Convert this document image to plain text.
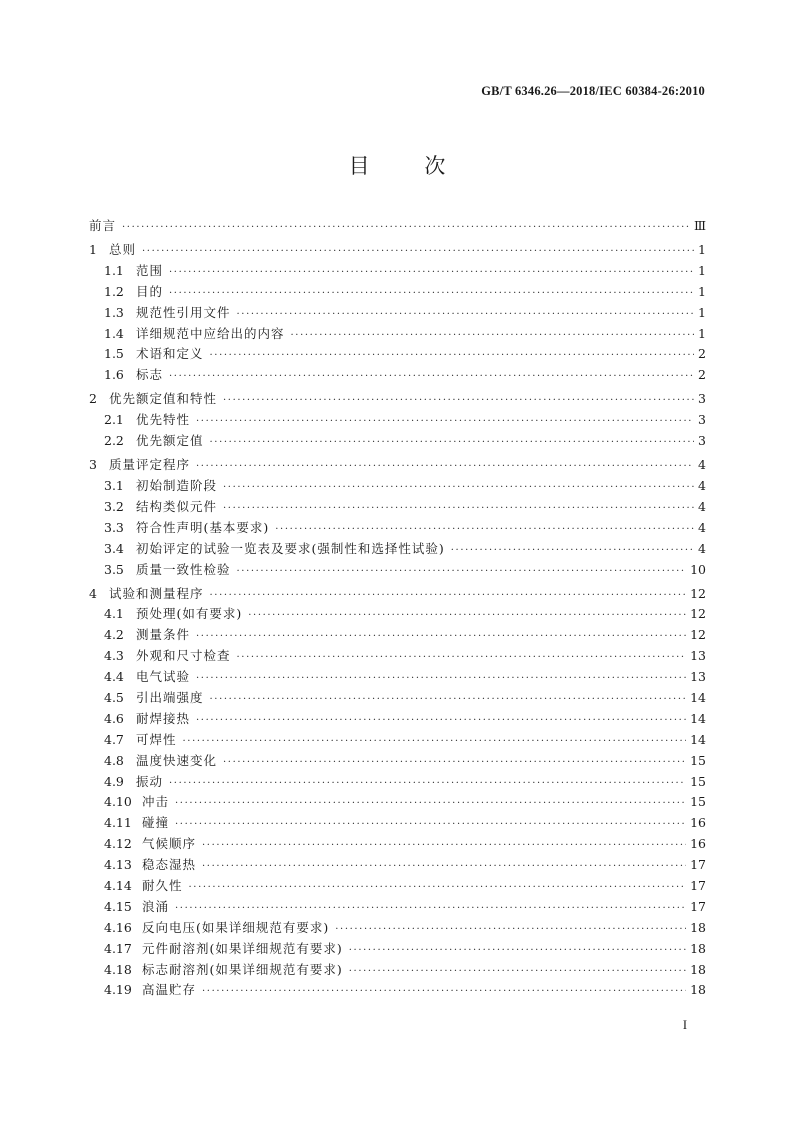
GB/T 6346.26—2018/IEC 60384-26:2010
目 次
前言 ·····	Ⅲ
1 总则 ·····	1
1.1 范围 ·····	1
1.2 目的 ·····	1
1.3 规范性引用文件 ·····	1
1.4 详细规范中应给出的内容 ·····	1
1.5 术语和定义 ·····	2
1.6 标志 ·····	2
2 优先额定值和特性 ·····	3
2.1 优先特性 ·····	3
2.2 优先额定值 ·····	3
3 质量评定程序 ·····	4
3.1 初始制造阶段 ·····	4
3.2 结构类似元件 ·····	4
3.3 符合性声明(基本要求) ·····	4
3.4 初始评定的试验一览表及要求(强制性和选择性试验) ·····	4
3.5 质量一致性检验 ·····	10
4 试验和测量程序 ·····	12
4.1 预处理(如有要求) ·····	12
4.2 测量条件 ·····	12
4.3 外观和尺寸检查 ·····	13
4.4 电气试验 ·····	13
4.5 引出端强度 ·····	14
4.6 耐焊接热 ·····	14
4.7 可焊性 ·····	14
4.8 温度快速变化 ·····	15
4.9 振动 ·····	15
4.10 冲击 ·····	15
4.11 碰撞 ·····	16
4.12 气候顺序 ·····	16
4.13 稳态湿热 ·····	17
4.14 耐久性 ·····	17
4.15 浪涌 ·····	17
4.16 反向电压(如果详细规范有要求) ·····	18
4.17 元件耐溶剂(如果详细规范有要求) ·····	18
4.18 标志耐溶剂(如果详细规范有要求) ·····	18
4.19 高温贮存 ·····	18
I
